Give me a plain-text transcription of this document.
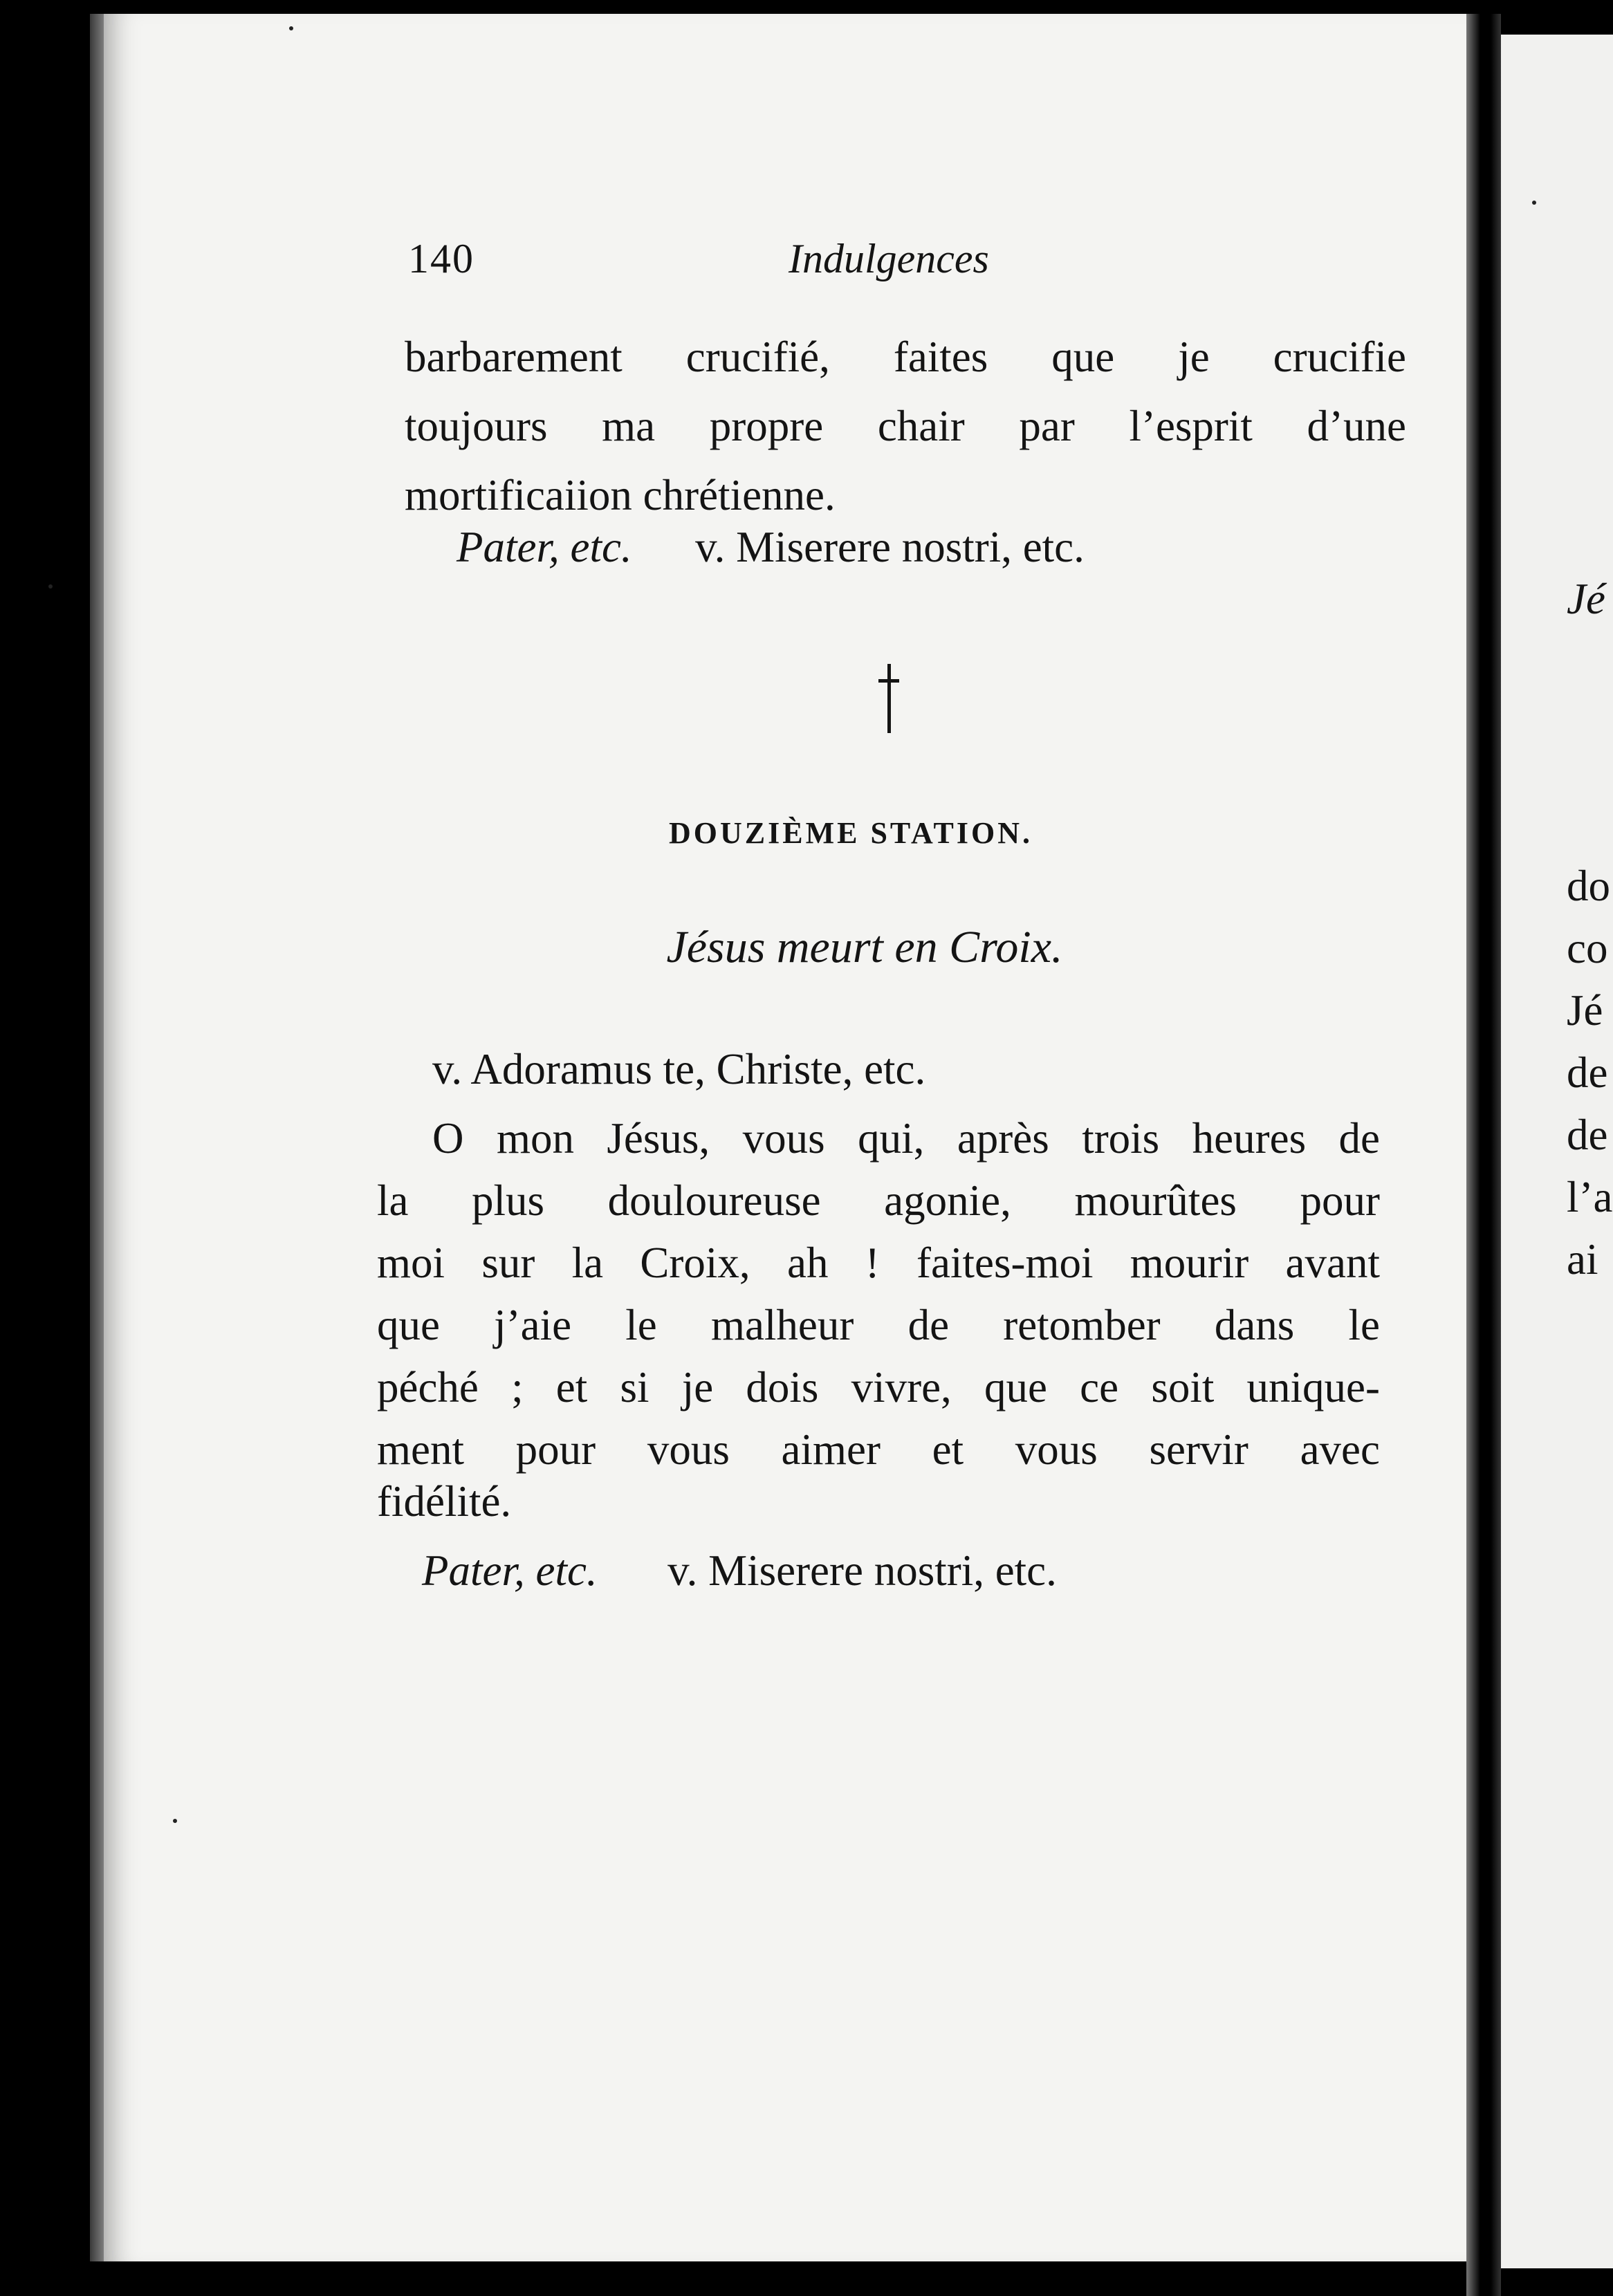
140	Indulgences
barbarement crucifié, faites que je crucifie
toujours ma propre chair par l’esprit d’une
mortificaiion chrétienne.
Pater, etc. v. Miserere nostri, etc.
DOUZIÈME STATION.
Jésus meurt en Croix.
v. Adoramus te, Christe, etc.
O mon Jésus, vous qui, après trois heures de
la plus douloureuse agonie, mourûtes pour
moi sur la Croix, ah ! faites-moi mourir avant
que j’aie le malheur de retomber dans le
péché ; et si je dois vivre, que ce soit unique-
ment pour vous aimer et vous servir avec
fidélité.
Pater, etc. v. Miserere nostri, etc.
Jé
do
co
Jé
de
de
l’a
ai
